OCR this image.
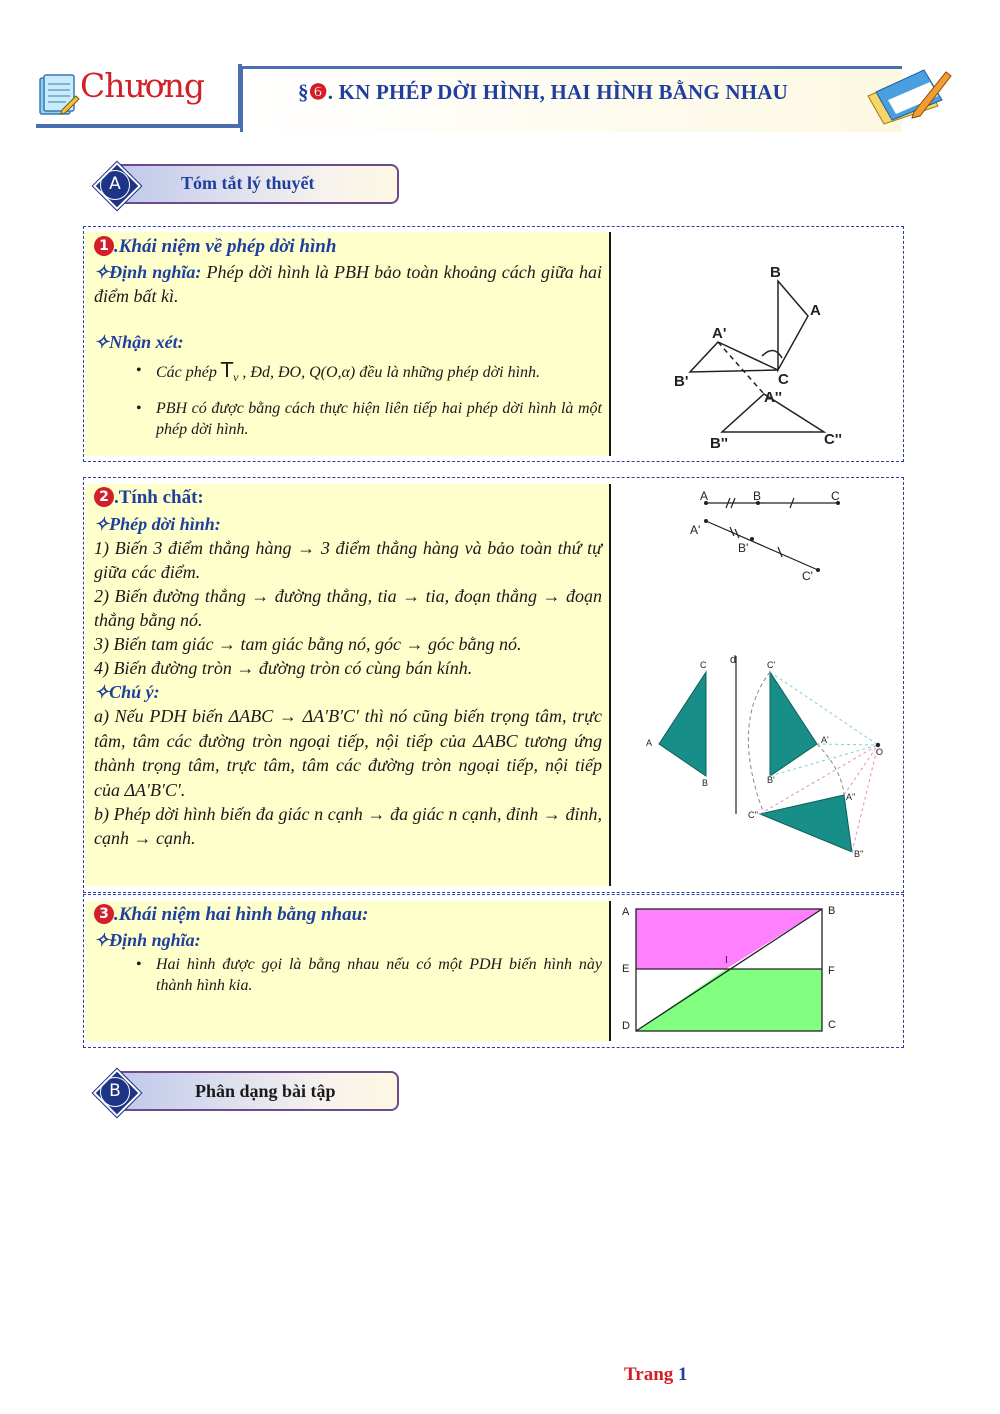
Chương	§❻. KN PHÉP DỜI HÌNH, HAI HÌNH BẰNG NHAU
A	Tóm tắt lý thuyết
1 .Khái niệm về phép dời hình
✧Định nghĩa: Phép dời hình là PBH bảo toàn khoảng cách giữa hai điểm bất kì.
✧Nhận xét:
• Các phép $T_v$ , Đd, ĐO, Q(O,α) đều là những phép dời hình.
• PBH có được bằng cách thực hiện liên tiếp hai phép dời hình là một phép dời hình.
B
A
A'
B'	C
A''
B''	C''
2 .Tính chất:
✧Phép dời hình:
1) Biến 3 điểm thẳng hàng → 3 điểm thẳng hàng và bảo toàn thứ tự giữa các điểm.
2) Biến đường thẳng → đường thẳng, tia → tia, đoạn thẳng → đoạn thẳng bằng nó.
3) Biến tam giác → tam giác bằng nó, góc → góc bằng nó.
4) Biến đường tròn → đường tròn có cùng bán kính.
✧Chú ý:
a) Nếu PDH biến ΔABC → ΔA′B′C′ thì nó cũng biến trọng tâm, trực tâm, tâm các đường tròn ngoại tiếp, nội tiếp của ΔABC tương ứng thành trọng tâm, trực tâm, tâm các đường tròn ngoại tiếp, nội tiếp của ΔA′B′C′.
b) Phép dời hình biến đa giác n cạnh → đa giác n cạnh, đỉnh → đỉnh, cạnh → cạnh.
A	B	C
A'
B'
C'
C d	C'
A	A'
O
B	B'
A''
C''
B''
3 .Khái niệm hai hình bằng nhau:
✧Định nghĩa:
• Hai hình được gọi là bằng nhau nếu có một PDH biến hình này thành hình kia.
A	B
E	F
I
D	C
B	Phân dạng bài tập
Trang 1
